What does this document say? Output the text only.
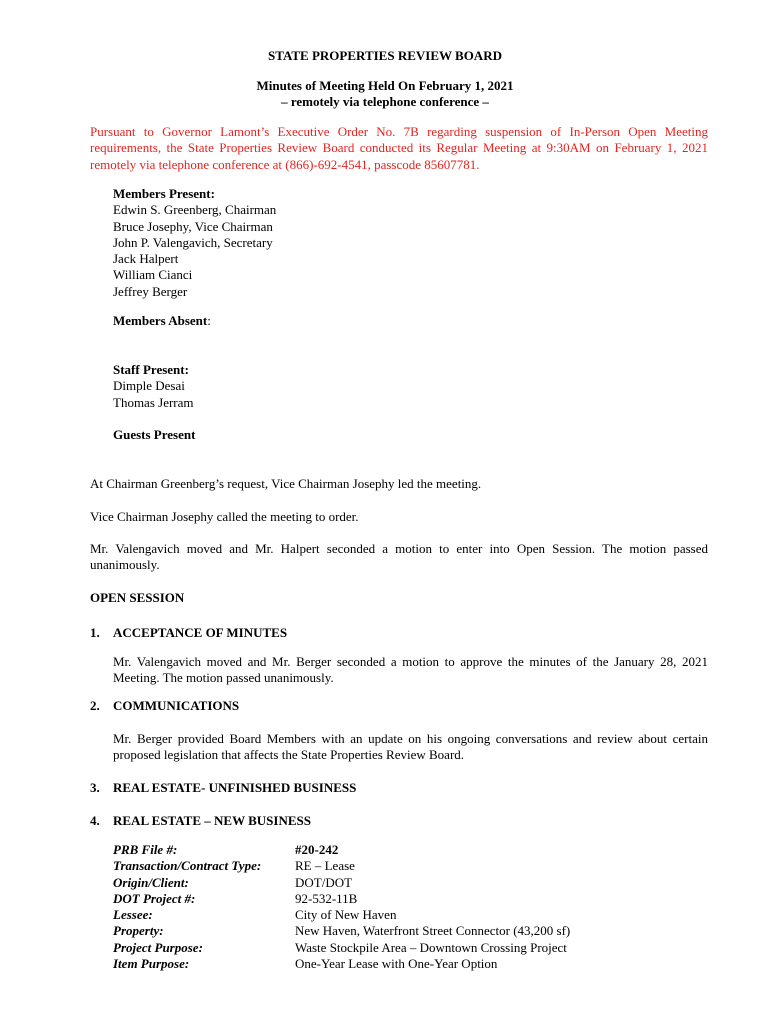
STATE PROPERTIES REVIEW BOARD
Minutes of Meeting Held On February 1, 2021
– remotely via telephone conference –
Pursuant to Governor Lamont’s Executive Order No. 7B regarding suspension of In-Person Open Meeting requirements, the State Properties Review Board conducted its Regular Meeting at 9:30AM on February 1, 2021 remotely via telephone conference at (866)-692-4541, passcode 85607781.
Members Present:
Edwin S. Greenberg, Chairman
Bruce Josephy, Vice Chairman
John P. Valengavich, Secretary
Jack Halpert
William Cianci
Jeffrey Berger
Members Absent:
Staff Present:
Dimple Desai
Thomas Jerram
Guests Present
At Chairman Greenberg’s request, Vice Chairman Josephy led the meeting.
Vice Chairman Josephy called the meeting to order.
Mr. Valengavich moved and Mr. Halpert seconded a motion to enter into Open Session. The motion passed unanimously.
OPEN SESSION
1. ACCEPTANCE OF MINUTES
Mr. Valengavich moved and Mr. Berger seconded a motion to approve the minutes of the January 28, 2021 Meeting. The motion passed unanimously.
2. COMMUNICATIONS
Mr. Berger provided Board Members with an update on his ongoing conversations and review about certain proposed legislation that affects the State Properties Review Board.
3. REAL ESTATE- UNFINISHED BUSINESS
4. REAL ESTATE – NEW BUSINESS
PRB File #:
Transaction/Contract Type:
Origin/Client:
DOT Project #:
Lessee:
Property:
Project Purpose:
Item Purpose:
#20-242
RE – Lease
DOT/DOT
92-532-11B
City of New Haven
New Haven, Waterfront Street Connector (43,200 sf)
Waste Stockpile Area – Downtown Crossing Project
One-Year Lease with One-Year Option
